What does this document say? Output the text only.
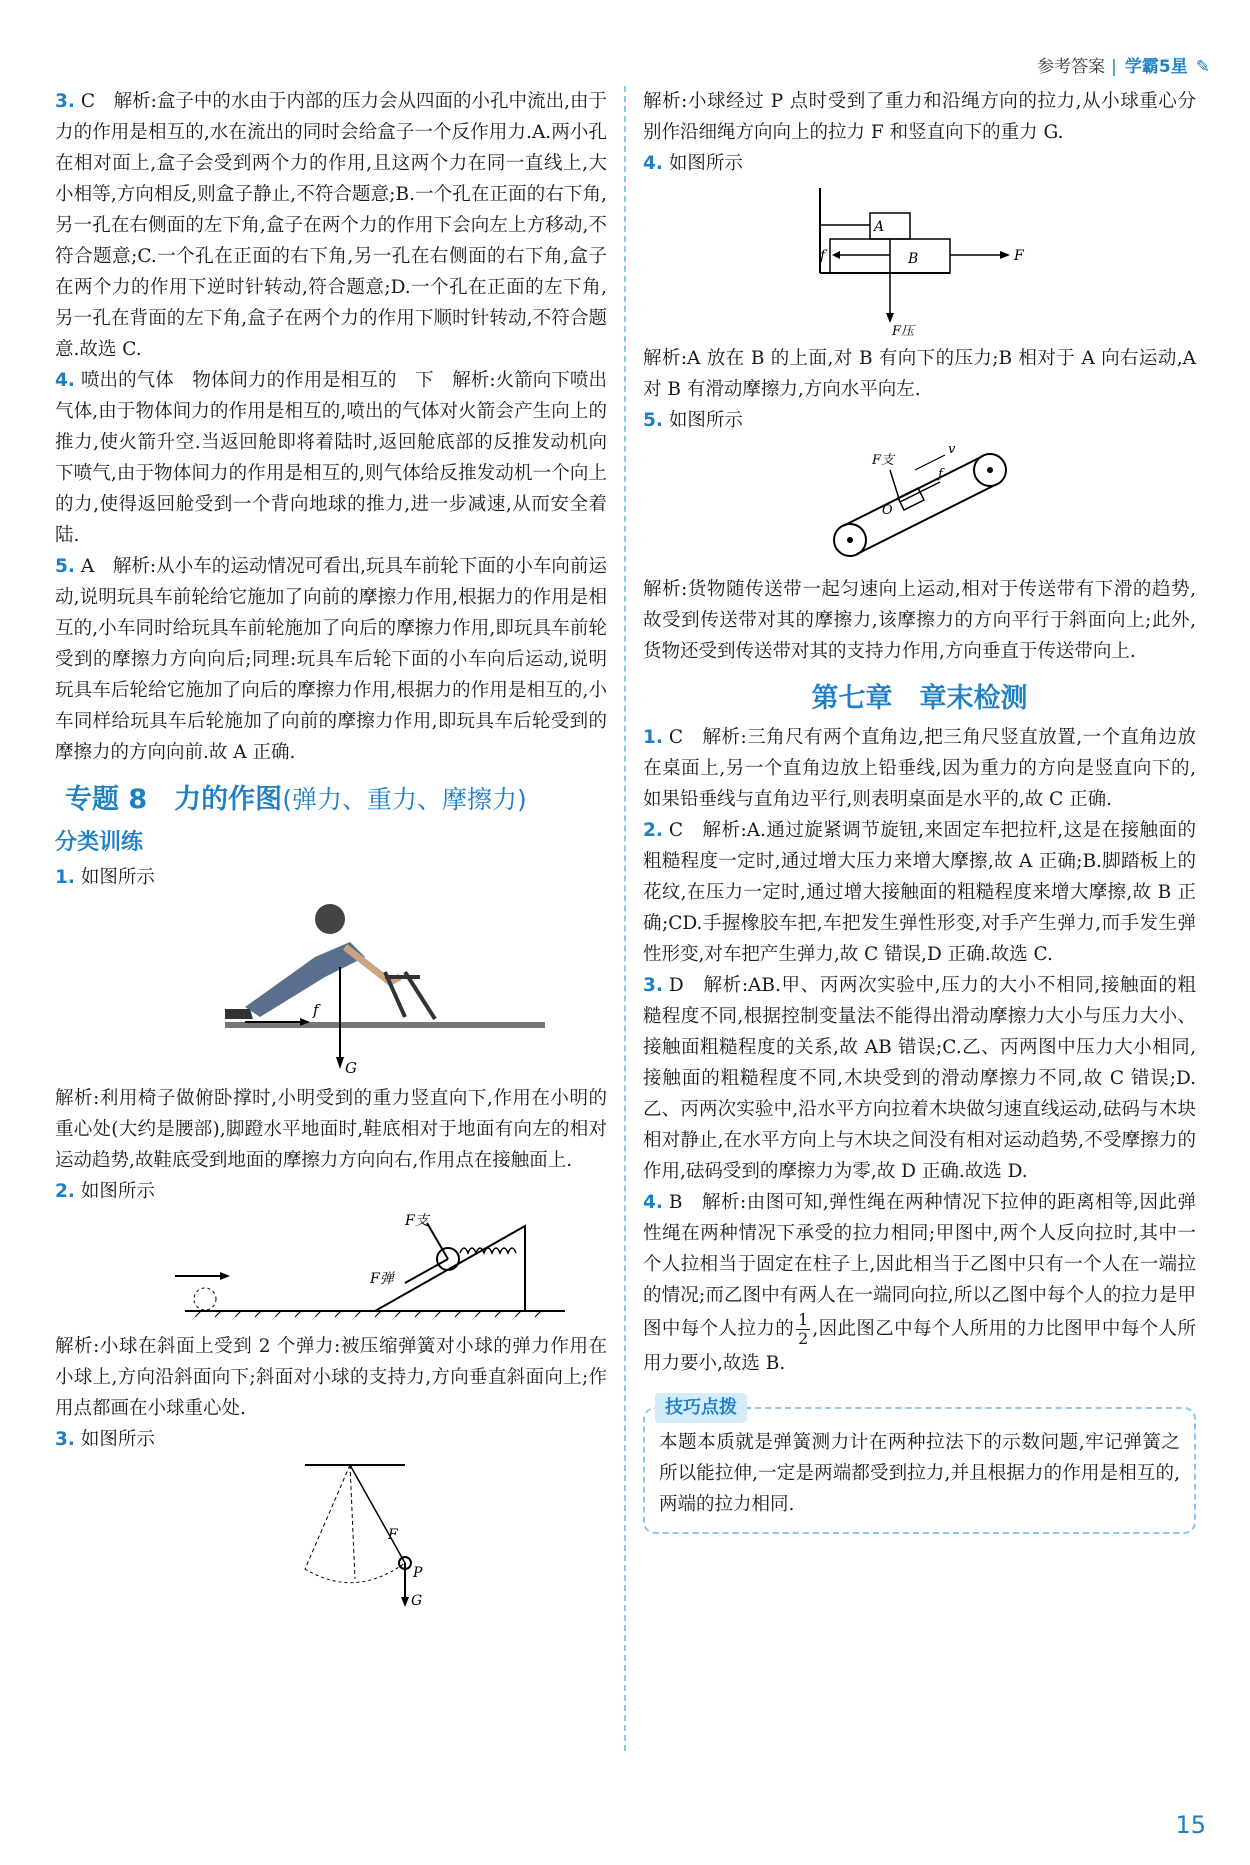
参考答案 | 学霸5星 ✎

3. C　解析:盒子中的水由于内部的压力会从四面的小孔中流出,由于力的作用是相互的,水在流出的同时会给盒子一个反作用力.A.两小孔在相对面上,盒子会受到两个力的作用,且这两个力在同一直线上,大小相等,方向相反,则盒子静止,不符合题意;B.一个孔在正面的右下角,另一孔在右侧面的左下角,盒子在两个力的作用下会向左上方移动,不符合题意;C.一个孔在正面的右下角,另一孔在右侧面的右下角,盒子在两个力的作用下逆时针转动,符合题意;D.一个孔在正面的左下角,另一孔在背面的左下角,盒子在两个力的作用下顺时针转动,不符合题意.故选 C.

4. 喷出的气体　物体间力的作用是相互的　下　解析:火箭向下喷出气体,由于物体间力的作用是相互的,喷出的气体对火箭会产生向上的推力,使火箭升空.当返回舱即将着陆时,返回舱底部的反推发动机向下喷气,由于物体间力的作用是相互的,则气体给反推发动机一个向上的力,使得返回舱受到一个背向地球的推力,进一步减速,从而安全着陆.

5. A　解析:从小车的运动情况可看出,玩具车前轮下面的小车向前运动,说明玩具车前轮给它施加了向前的摩擦力作用,根据力的作用是相互的,小车同时给玩具车前轮施加了向后的摩擦力作用,即玩具车前轮受到的摩擦力方向向后;同理:玩具车后轮下面的小车向后运动,说明玩具车后轮给它施加了向后的摩擦力作用,根据力的作用是相互的,小车同样给玩具车后轮施加了向前的摩擦力作用,即玩具车后轮受到的摩擦力的方向向前.故 A 正确.

专题 8　力的作图(弹力、重力、摩擦力)
分类训练

1. 如图所示

f
G

解析:利用椅子做俯卧撑时,小明受到的重力竖直向下,作用在小明的重心处(大约是腰部),脚蹬水平地面时,鞋底相对于地面有向左的相对运动趋势,故鞋底受到地面的摩擦力方向向右,作用点在接触面上.

2. 如图所示

F支
F弹

解析:小球在斜面上受到 2 个弹力:被压缩弹簧对小球的弹力作用在小球上,方向沿斜面向下;斜面对小球的支持力,方向垂直斜面向上;作用点都画在小球重心处.

3. 如图所示

F
P
G

解析:小球经过 P 点时受到了重力和沿绳方向的拉力,从小球重心分别作沿细绳方向向上的拉力 F 和竖直向下的重力 G.

4. 如图所示

A
B
f	F
F压

解析:A 放在 B 的上面,对 B 有向下的压力;B 相对于 A 向右运动,A 对 B 有滑动摩擦力,方向水平向左.

5. 如图所示

F支
f
v
O

解析:货物随传送带一起匀速向上运动,相对于传送带有下滑的趋势,故受到传送带对其的摩擦力,该摩擦力的方向平行于斜面向上;此外,货物还受到传送带对其的支持力作用,方向垂直于传送带向上.

第七章　章末检测

1. C　解析:三角尺有两个直角边,把三角尺竖直放置,一个直角边放在桌面上,另一个直角边放上铅垂线,因为重力的方向是竖直向下的,如果铅垂线与直角边平行,则表明桌面是水平的,故 C 正确.

2. C　解析:A.通过旋紧调节旋钮,来固定车把拉杆,这是在接触面的粗糙程度一定时,通过增大压力来增大摩擦,故 A 正确;B.脚踏板上的花纹,在压力一定时,通过增大接触面的粗糙程度来增大摩擦,故 B 正确;CD.手握橡胶车把,车把发生弹性形变,对手产生弹力,而手发生弹性形变,对车把产生弹力,故 C 错误,D 正确.故选 C.

3. D　解析:AB.甲、丙两次实验中,压力的大小不相同,接触面的粗糙程度不同,根据控制变量法不能得出滑动摩擦力大小与压力大小、接触面粗糙程度的关系,故 AB 错误;C.乙、丙两图中压力大小相同,接触面的粗糙程度不同,木块受到的滑动摩擦力不同,故 C 错误;D.乙、丙两次实验中,沿水平方向拉着木块做匀速直线运动,砝码与木块相对静止,在水平方向上与木块之间没有相对运动趋势,不受摩擦力的作用,砝码受到的摩擦力为零,故 D 正确.故选 D.

4. B　解析:由图可知,弹性绳在两种情况下拉伸的距离相等,因此弹性绳在两种情况下承受的拉力相同;甲图中,两个人反向拉时,其中一个人拉相当于固定在柱子上,因此相当于乙图中只有一个人在一端拉的情况;而乙图中有两人在一端同向拉,所以乙图中每个人的拉力是甲图中每个人拉力的 $\frac{1}{2}$ ,因此图乙中每个人所用的力比图甲中每个人所用力要小,故选 B.

技巧点拨

本题本质就是弹簧测力计在两种拉法下的示数问题,牢记弹簧之所以能拉伸,一定是两端都受到拉力,并且根据力的作用是相互的,两端的拉力相同.

15
